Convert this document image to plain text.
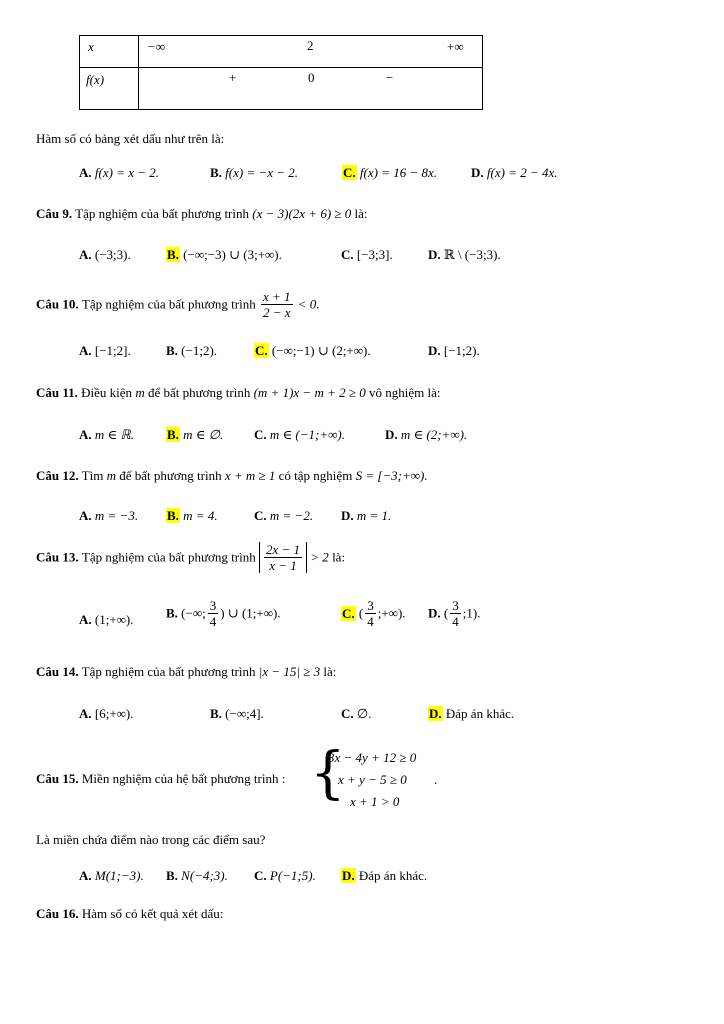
x	−∞ 2 +∞

f(x)	+ 0 −
Hàm số có bảng xét dấu như trên là:
A. f(x) = x − 2.	B. f(x) = −x − 2.	C. f(x) = 16 − 8x.	D. f(x) = 2 − 4x.
Câu 9. Tập nghiệm của bất phương trình (x − 3)(2x + 6) ≥ 0 là:
A. (−3;3).	B. (−∞;−3) ∪ (3;+∞).	C. [−3;3].	D. ℝ \ (−3;3).
Câu 10. Tập nghiệm của bất phương trình $\frac{x + 1}{2 - x} < 0$.
A. [−1;2].	B. (−1;2).	C. (−∞;−1) ∪ (2;+∞).	D. [−1;2).
Câu 11. Điều kiện m để bất phương trình (m + 1)x − m + 2 ≥ 0 vô nghiệm là:
A. m ∈ ℝ.	B. m ∈ ∅. C. m ∈ (−1;+∞).	D. m ∈ (2;+∞).
Câu 12. Tìm m để bất phương trình x + m ≥ 1 có tập nghiệm S = [−3;+∞).
A. m = −3. B. m = 4.	C. m = −2. D. m = 1.
Câu 13. Tập nghiệm của bất phương trình $\frac{2x - 1}{x - 1} > 2$ là:
A. (1;+∞). B. (−∞; $\frac{3}{4}$ ) ∪ (1;+∞).	C. ( $\frac{3}{4}$ ;+∞). D. ( $\frac{3}{4}$ ;1).
Câu 14. Tập nghiệm của bất phương trình |x − 15| ≥ 3 là:
A. [6;+∞).	B. (−∞;4].	C. ∅.	D. Đáp án khác.
Câu 15. Miền nghiệm của hệ bất phương trình : {
3x − 4y + 12 ≥ 0
x + y − 5 ≥ 0
x + 1 > 0
.
Là miền chứa điểm nào trong các điểm sau?
A. M(1;−3). B. N(−4;3). C. P(−1;5). D. Đáp án khác.
Câu 16. Hàm số có kết quả xét dấu:
